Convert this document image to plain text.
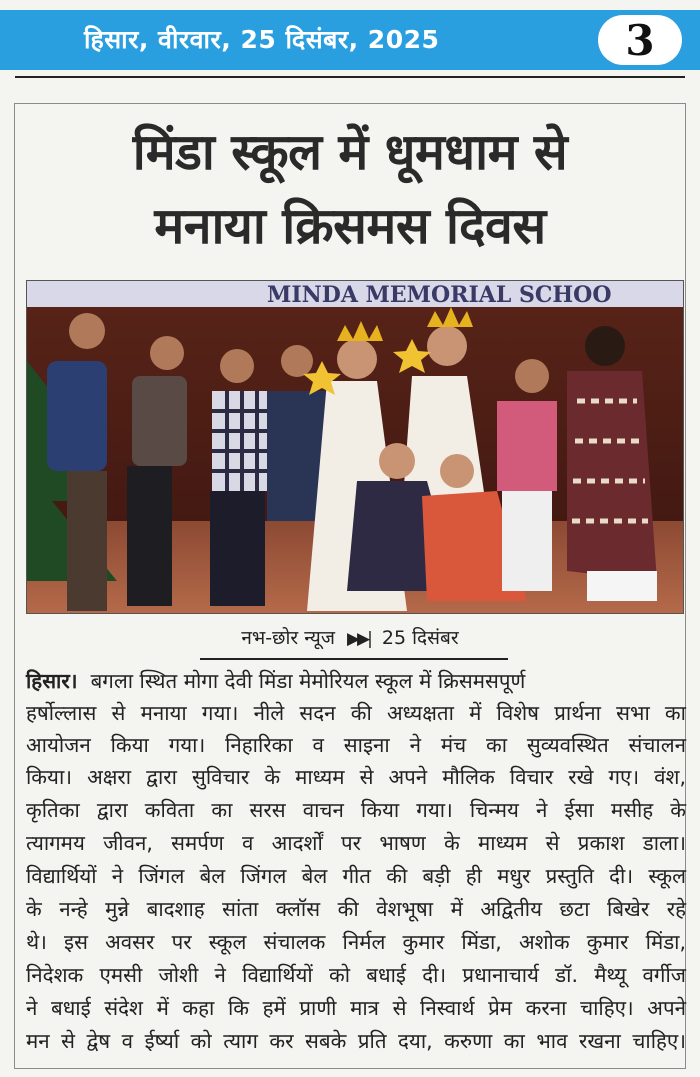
हिसार, वीरवार, 25 दिसंबर, 2025	3
मिंडा स्कूल में धूमधाम से
मनाया क्रिसमस दिवस
MINDA MEMORIAL SCHOO
नभ-छोर न्यूज ▶▶| 25 दिसंबर
हिसार। बगला स्थित मोगा देवी मिंडा मेमोरियल स्कूल में क्रिसमसपूर्ण
हर्षोल्लास से मनाया गया। नीले सदन की अध्यक्षता में विशेष प्रार्थना सभा का
आयोजन किया गया। निहारिका व साइना ने मंच का सुव्यवस्थित संचालन
किया। अक्षरा द्वारा सुविचार के माध्यम से अपने मौलिक विचार रखे गए। वंश,
कृतिका द्वारा कविता का सरस वाचन किया गया। चिन्मय ने ईसा मसीह के
त्यागमय जीवन, समर्पण व आदर्शों पर भाषण के माध्यम से प्रकाश डाला।
विद्यार्थियों ने जिंगल बेल जिंगल बेल गीत की बड़ी ही मधुर प्रस्तुति दी। स्कूल
के नन्हे मुन्ने बादशाह सांता क्लॉस की वेशभूषा में अद्वितीय छटा बिखेर रहे
थे। इस अवसर पर स्कूल संचालक निर्मल कुमार मिंडा, अशोक कुमार मिंडा,
निदेशक एमसी जोशी ने विद्यार्थियों को बधाई दी। प्रधानाचार्य डॉ. मैथ्यू वर्गीज
ने बधाई संदेश में कहा कि हमें प्राणी मात्र से निस्वार्थ प्रेम करना चाहिए। अपने
मन से द्वेष व ईर्ष्या को त्याग कर सबके प्रति दया, करुणा का भाव रखना चाहिए।
